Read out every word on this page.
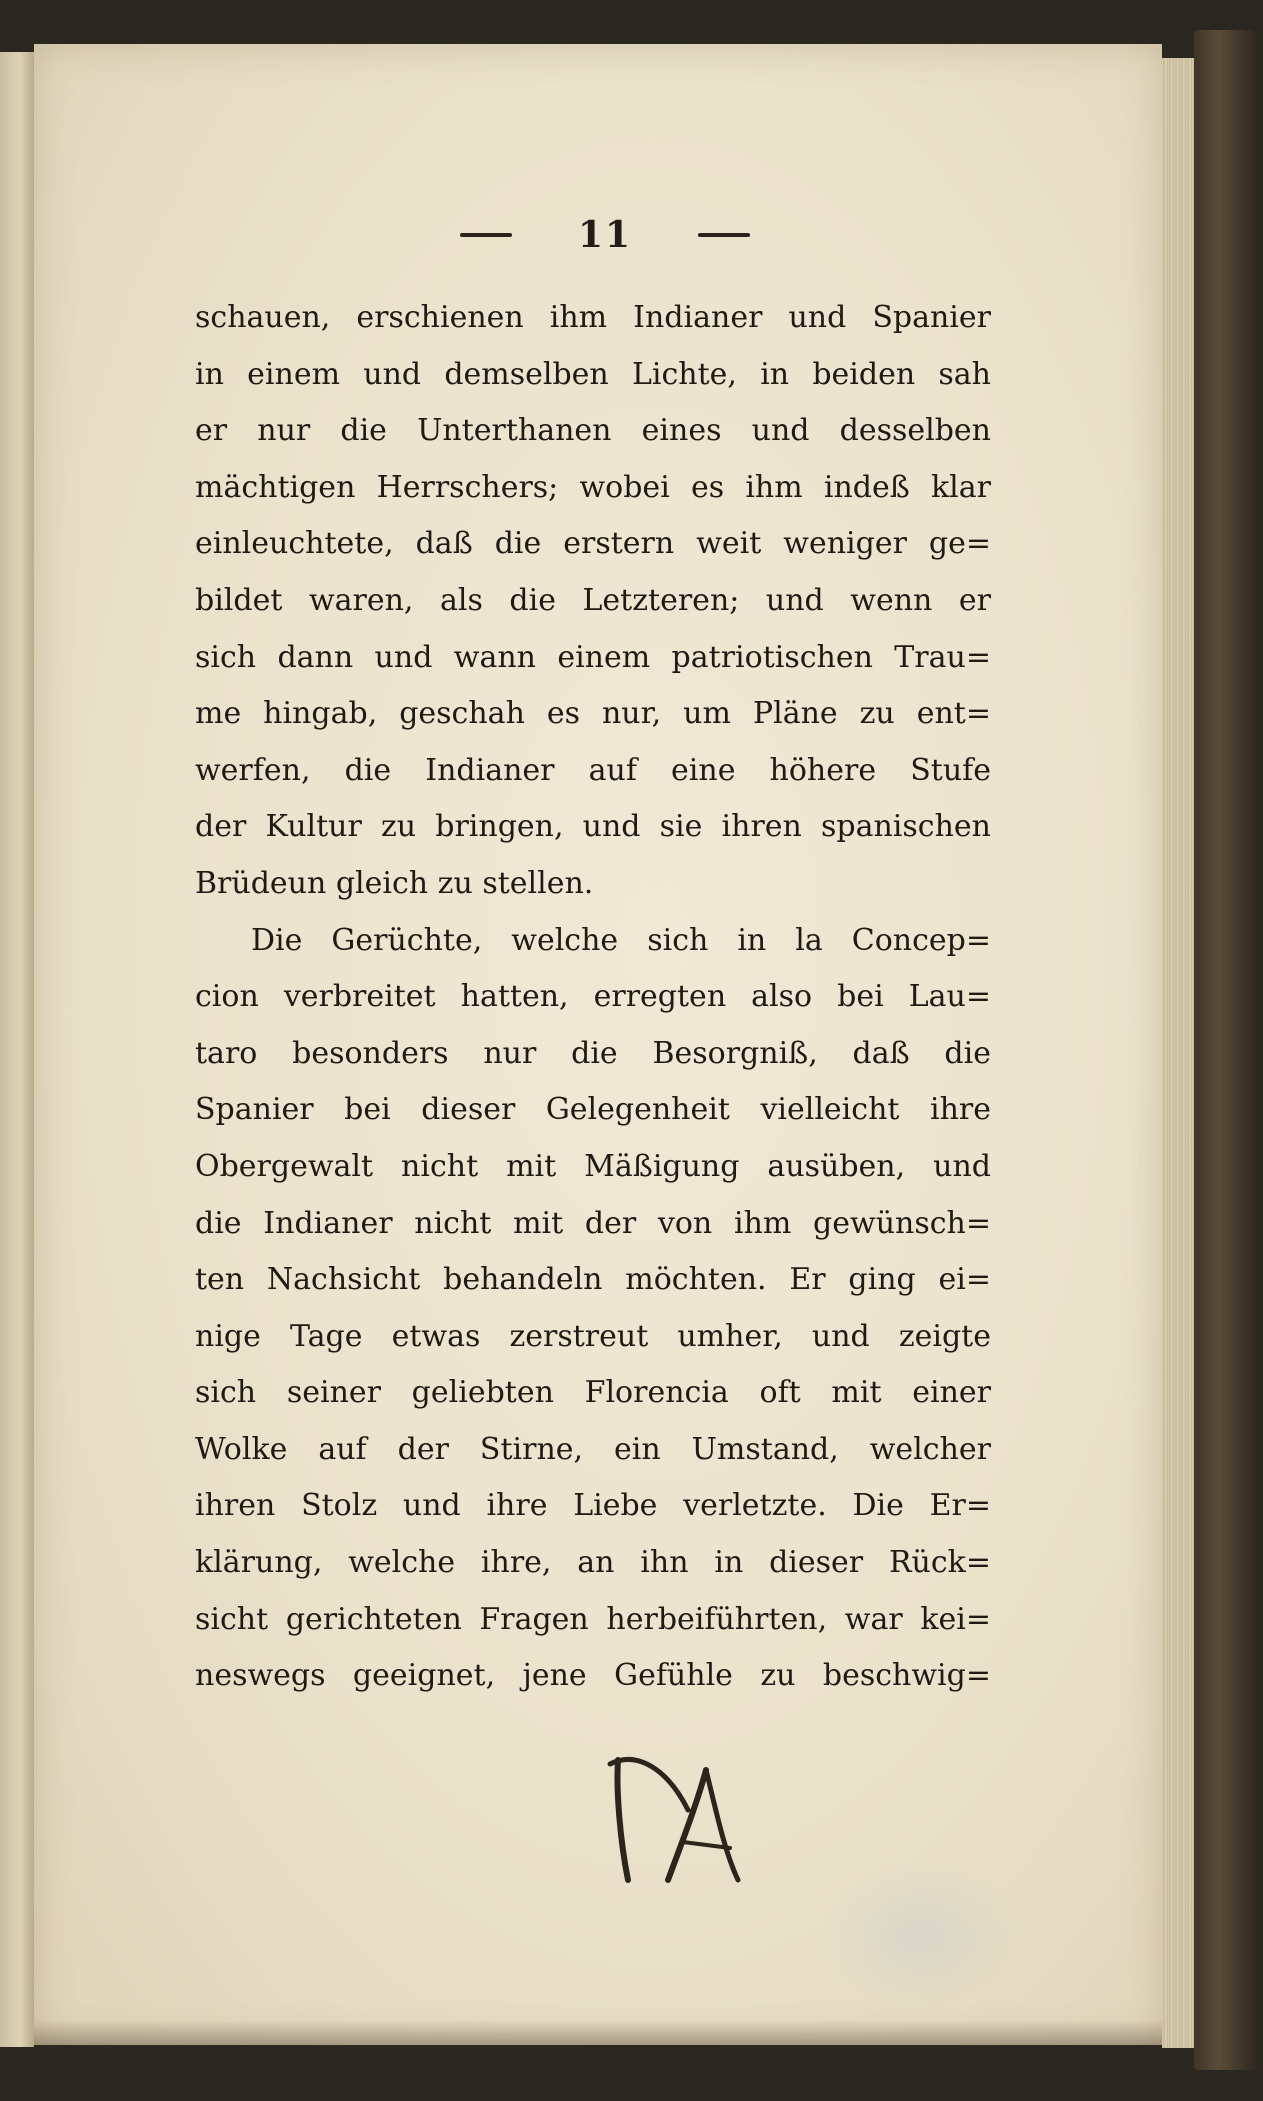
11
schauen, erschienen ihm Indianer und Spanier
in einem und demselben Lichte, in beiden sah
er nur die Unterthanen eines und desselben
mächtigen Herrschers; wobei es ihm indeß klar
einleuchtete, daß die erstern weit weniger ge=
bildet waren, als die Letzteren; und wenn er
sich dann und wann einem patriotischen Trau=
me hingab, geschah es nur, um Pläne zu ent=
werfen, die Indianer auf eine höhere Stufe
der Kultur zu bringen, und sie ihren spanischen
Brüdeun gleich zu stellen.
Die Gerüchte, welche sich in la Concep=
cion verbreitet hatten, erregten also bei Lau=
taro besonders nur die Besorgniß, daß die
Spanier bei dieser Gelegenheit vielleicht ihre
Obergewalt nicht mit Mäßigung ausüben, und
die Indianer nicht mit der von ihm gewünsch=
ten Nachsicht behandeln möchten. Er ging ei=
nige Tage etwas zerstreut umher, und zeigte
sich seiner geliebten Florencia oft mit einer
Wolke auf der Stirne, ein Umstand, welcher
ihren Stolz und ihre Liebe verletzte. Die Er=
klärung, welche ihre, an ihn in dieser Rück=
sicht gerichteten Fragen herbeiführten, war kei=
neswegs geeignet, jene Gefühle zu beschwig=
